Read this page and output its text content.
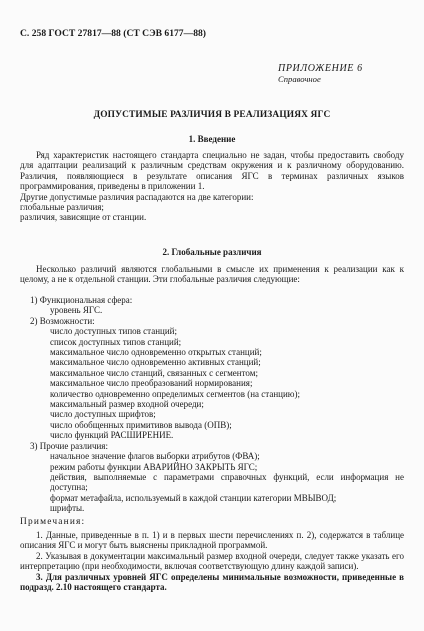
С. 258 ГОСТ 27817—88 (СТ СЭВ 6177—88)
ПРИЛОЖЕНИЕ 6
Справочное
ДОПУСТИМЫЕ РАЗЛИЧИЯ В РЕАЛИЗАЦИЯХ ЯГС
1. Введение

Ряд характеристик настоящего стандарта специально не задан, чтобы предоставить свободу для адаптации реализаций к различным средствам окружения и к различному оборудованию. Различия, появляющиеся в результате описания ЯГС в терминах различных языков программирования, приведены в приложении 1.

Другие допустимые различия распадаются на две категории:
глобальные различия;
различия, зависящие от станции.
2. Глобальные различия

Несколько различий являются глобальными в смысле их применения к реализации как к целому, а не к отдельной станции. Эти глобальные различия следующие:

1) Функциональная сфера:
уровень ЯГС.
2) Возможности:
число доступных типов станций;
список доступных типов станций;
максимальное число одновременно открытых станций;
максимальное число одновременно активных станций;
максимальное число станций, связанных с сегментом;
максимальное число преобразований нормирования;
количество одновременно определимых сегментов (на станцию);
максимальный размер входной очереди;
число доступных шрифтов;
число обобщенных примитивов вывода (ОПВ);
число функций РАСШИРЕНИЕ.
3) Прочие различия:
начальное значение флагов выборки атрибутов (ФВА);
режим работы функции АВАРИЙНО ЗАКРЫТЬ ЯГС;
действия, выполняемые с параметрами справочных функций, если информация не доступна;
формат метафайла, используемый в каждой станции категории МВЫВОД;
шрифты.
Примечания:

1. Данные, приведенные в п. 1) и в первых шести перечислениях п. 2), содержатся в таблице описания ЯГС и могут быть выяснены прикладной программой.

2. Указывая в документации максимальный размер входной очереди, следует также указать его интерпретацию (при необходимости, включая соответствующую длину каждой записи).

3. Для различных уровней ЯГС определены минимальные возможности, приведенные в подразд. 2.10 настоящего стандарта.
